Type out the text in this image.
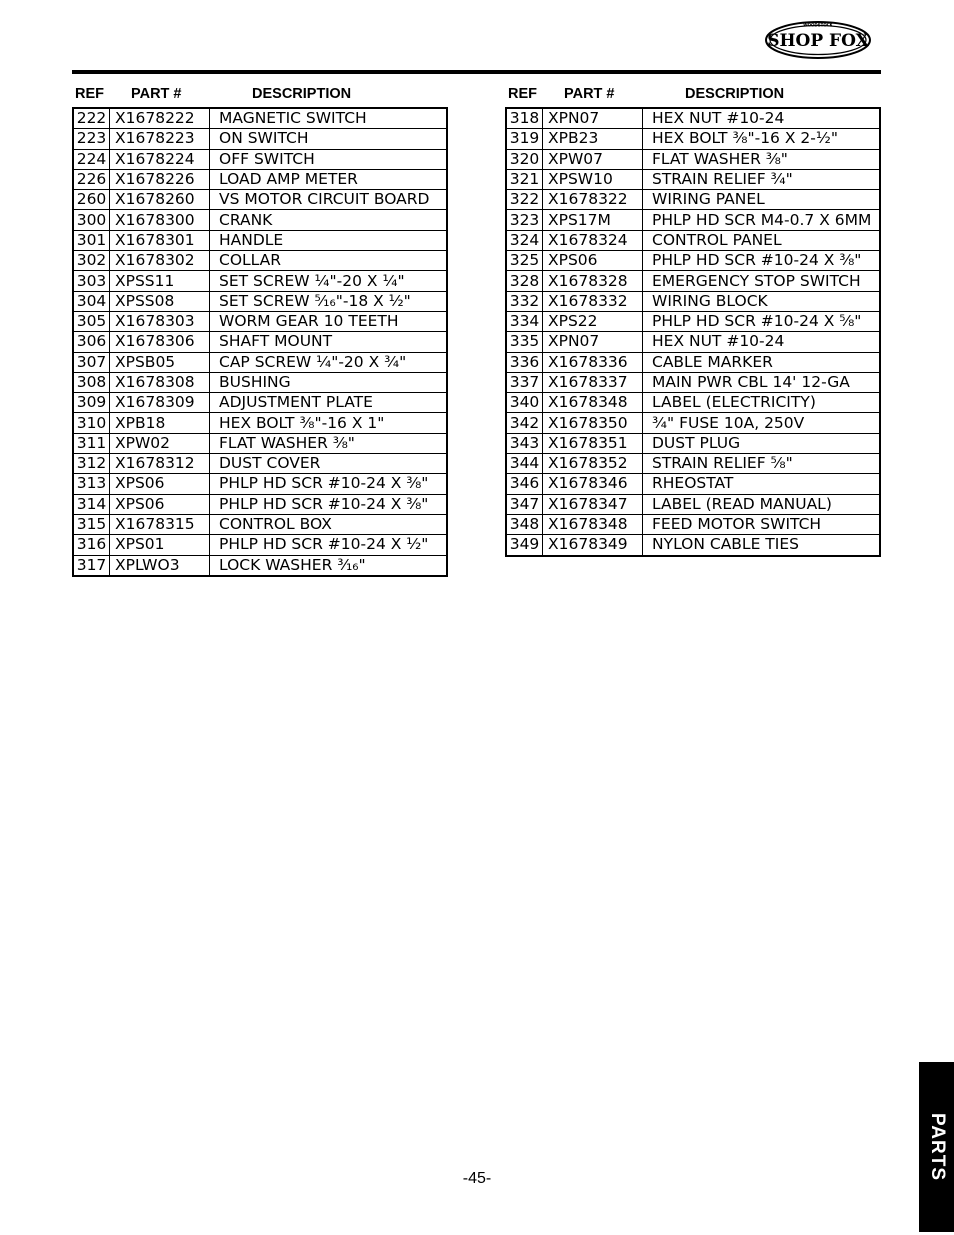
WOODSTOCK
SHOP FOX
REF PART #	DESCRIPTION	REF PART #	DESCRIPTION
222	X1678222	MAGNETIC SWITCH
223	X1678223	ON SWITCH
224	X1678224	OFF SWITCH
226	X1678226	LOAD AMP METER
260	X1678260	VS MOTOR CIRCUIT BOARD
300	X1678300	CRANK
301	X1678301	HANDLE
302	X1678302	COLLAR
303	XPSS11	SET SCREW ¹⁄₄"-20 X ¹⁄₄"
304	XPSS08	SET SCREW ⁵⁄₁₆"-18 X ¹⁄₂"
305	X1678303	WORM GEAR 10 TEETH
306	X1678306	SHAFT MOUNT
307	XPSB05	CAP SCREW ¹⁄₄"-20 X ³⁄₄"
308	X1678308	BUSHING
309	X1678309	ADJUSTMENT PLATE
310	XPB18	HEX BOLT ³⁄₈"-16 X 1"
311	XPW02	FLAT WASHER ³⁄₈"
312	X1678312	DUST COVER
313	XPS06	PHLP HD SCR #10-24 X ³⁄₈"
314	XPS06	PHLP HD SCR #10-24 X ³⁄₈"
315	X1678315	CONTROL BOX
316	XPS01	PHLP HD SCR #10-24 X ¹⁄₂"
317	XPLWO3	LOCK WASHER ³⁄₁₆"
318	XPN07	HEX NUT #10-24
319	XPB23	HEX BOLT ³⁄₈"-16 X 2-¹⁄₂"
320	XPW07	FLAT WASHER ³⁄₈"
321	XPSW10	STRAIN RELIEF ³⁄₄"
322	X1678322	WIRING PANEL
323	XPS17M	PHLP HD SCR M4-0.7 X 6MM
324	X1678324	CONTROL PANEL
325	XPS06	PHLP HD SCR #10-24 X ³⁄₈"
328	X1678328	EMERGENCY STOP SWITCH
332	X1678332	WIRING BLOCK
334	XPS22	PHLP HD SCR #10-24 X ⁵⁄₈"
335	XPN07	HEX NUT #10-24
336	X1678336	CABLE MARKER
337	X1678337	MAIN PWR CBL 14' 12-GA
340	X1678348	LABEL (ELECTRICITY)
342	X1678350	³⁄₄" FUSE 10A, 250V
343	X1678351	DUST PLUG
344	X1678352	STRAIN RELIEF ⁵⁄₈"
346	X1678346	RHEOSTAT
347	X1678347	LABEL (READ MANUAL)
348	X1678348	FEED MOTOR SWITCH
349	X1678349	NYLON CABLE TIES
-45-	PARTS
